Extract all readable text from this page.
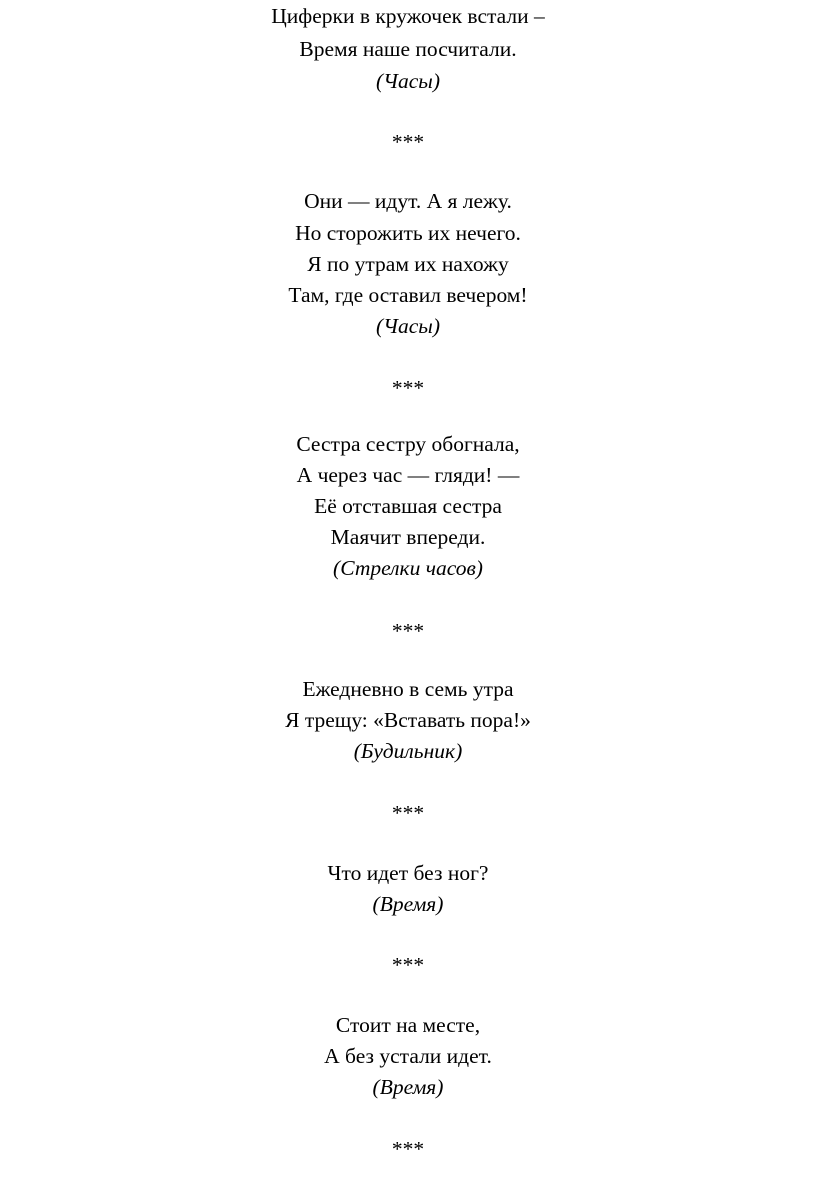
Циферки в кружочек встали –
Время наше посчитали.
(Часы)
***
Они — идут. А я лежу.
Но сторожить их нечего.
Я по утрам их нахожу
Там, где оставил вечером!
(Часы)
***
Сестра сестру обогнала,
А через час — гляди! —
Её отставшая сестра
Маячит впереди.
(Стрелки часов)
***
Ежедневно в семь утра
Я трещу: «Вставать пора!»
(Будильник)
***
Что идет без ног?
(Время)
***
Стоит на месте,
А без устали идет.
(Время)
***
